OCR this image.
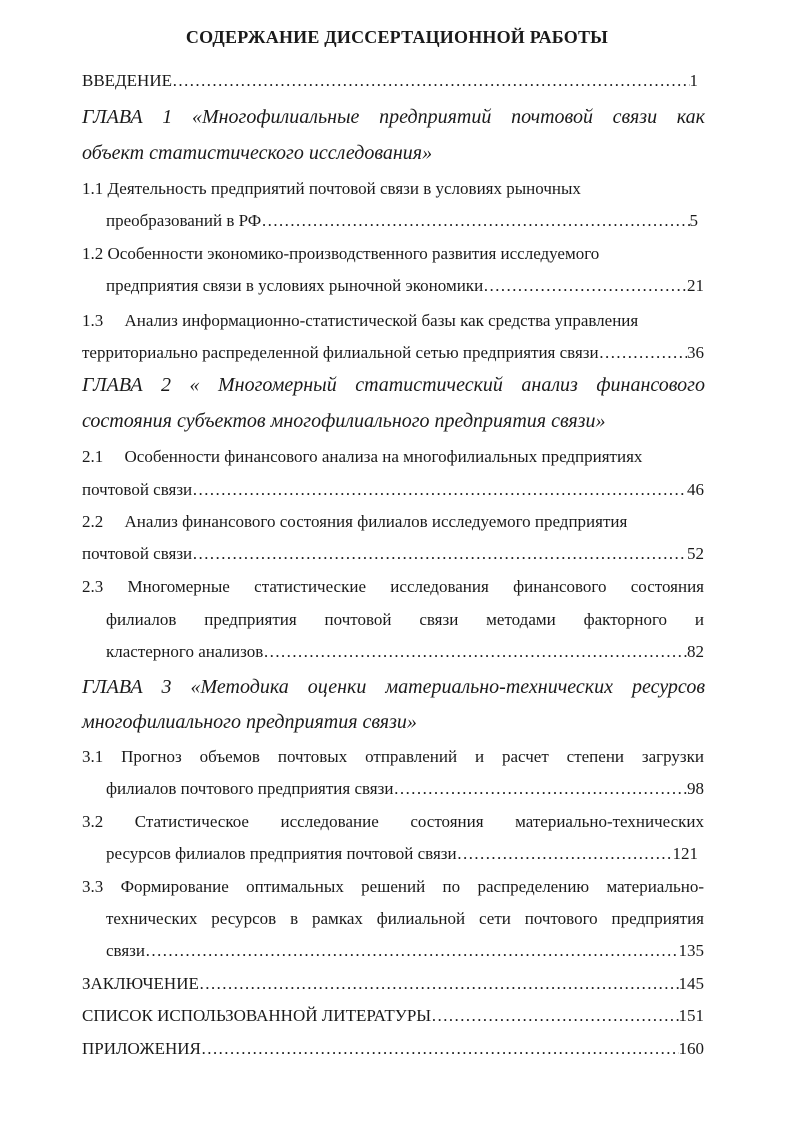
СОДЕРЖАНИЕ ДИССЕРТАЦИОННОЙ РАБОТЫ
ВВЕДЕНИЕ ……………………………………………………………………………………………………………………………………………………………………………………	1
ГЛАВА 1 «Многофилиальные предприятий почтовой связи как
объект статистического исследования»
1.1 Деятельность предприятий почтовой связи в условиях рыночных
преобразований в РФ ……………………………………………………………………………………………………………………………………………………………………………………	5
1.2 Особенности экономико-производственного развития исследуемого
предприятия связи в условиях рыночной экономики ……………………………………………………………………………………………………………………………………………………………………………………	21
1.3     Анализ информационно-статистической базы как средства управления
территориально распределенной филиальной сетью предприятия связи ……………………………………………………………………………………………………………………………………………………………………………………	36
ГЛАВА 2 « Многомерный статистический анализ финансового
состояния субъектов многофилиального предприятия связи»
2.1     Особенности финансового анализа на многофилиальных предприятиях
почтовой связи ……………………………………………………………………………………………………………………………………………………………………………………	46
2.2     Анализ финансового состояния филиалов исследуемого предприятия
почтовой связи ……………………………………………………………………………………………………………………………………………………………………………………	52
2.3 Многомерные статистические исследования финансового состояния
филиалов предприятия почтовой связи методами факторного и
кластерного анализов ……………………………………………………………………………………………………………………………………………………………………………………	82
ГЛАВА 3 «Методика оценки материально-технических ресурсов
многофилиального предприятия связи»
3.1 Прогноз объемов почтовых отправлений и расчет степени загрузки
филиалов почтового предприятия связи ……………………………………………………………………………………………………………………………………………………………………………………	98
3.2 Статистическое исследование состояния материально-технических
ресурсов филиалов предприятия почтовой связи ……………………………………………………………………………………………………………………………………………………………………………………	121
3.3 Формирование оптимальных решений по распределению материально-
технических ресурсов в рамках филиальной сети почтового предприятия
связи ……………………………………………………………………………………………………………………………………………………………………………………	135
ЗАКЛЮЧЕНИЕ ……………………………………………………………………………………………………………………………………………………………………………………	145
СПИСОК ИСПОЛЬЗОВАННОЙ ЛИТЕРАТУРЫ ……………………………………………………………………………………………………………………………………………………………………………………	151
ПРИЛОЖЕНИЯ ……………………………………………………………………………………………………………………………………………………………………………………	160
